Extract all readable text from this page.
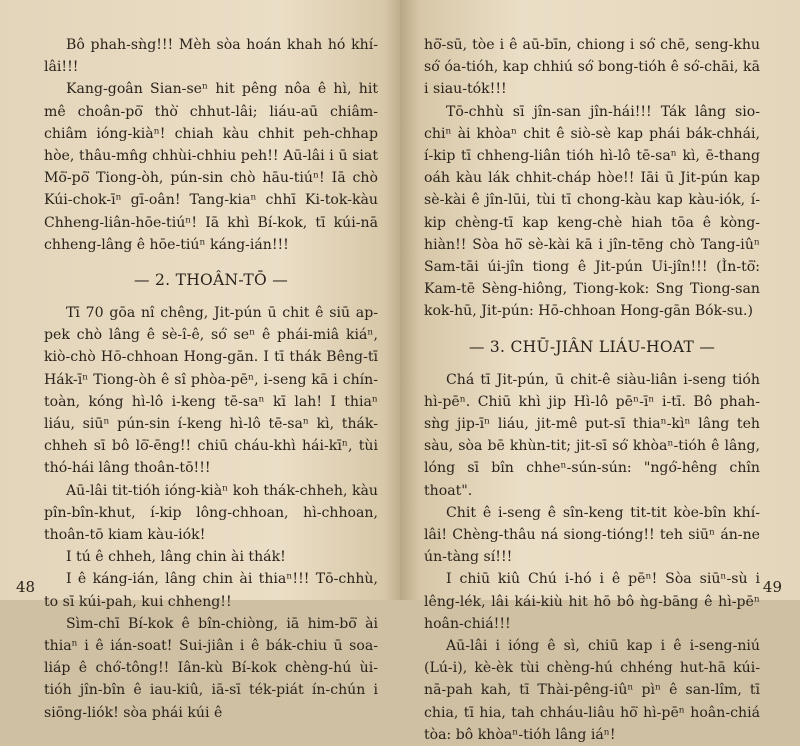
Bô phah-sǹg!!! Mèh sòa hoán khah hó khí-lâi!!!

Kang-goân Sian-seⁿ hit pêng nôa ê hì, hit mê choân-pō͘ thò͘ chhut-lâi; liáu-aū chiâm-chiâm ióng-kiàⁿ! chiah kàu chhit peh-chhap hòe, thâu-mn̂g chhùi-chhiu peh!! Aū-lâi i ū siat Mō͘-pō͘ Tiong-òh, pún-sin chò hāu-tiúⁿ! Iā chò Kúi-chok-īⁿ gī-oân! Tang-kiaⁿ chhī Ki-tok-kàu Chheng-liân-hōe-tiúⁿ! Iā khì Bí-kok, tī kúi-nā chheng-lâng ê hōe-tiúⁿ káng-ián!!!

— 2. THOÂN-TŌ —

Tī 70 gōa nî chêng, Jit-pún ū chit ê siū ap-pek chò lâng ê sè-î-ê, só͘ seⁿ ê phái-miâ kiáⁿ, kiò-chò Hō-chhoan Hong-gān. I tī thák Bêng-tī Hák-īⁿ Tiong-òh ê sî phòa-pēⁿ, i-seng kā i chín-toàn, kóng hì-lô i-keng tē-saⁿ kī lah! I thiaⁿ liáu, siūⁿ pún-sin í-keng hì-lô tē-saⁿ kì, thák-chheh sī bô lō͘-ēng!! chiū cháu-khì hái-kīⁿ, tùi thó-hái lâng thoân-tō!!!

Aū-lâi tit-tióh ióng-kiàⁿ koh thák-chheh, kàu pîn-bîn-khut, í-kip lông-chhoan, hì-chhoan, thoân-tō kiam kàu-iók!

I tú ê chheh, lâng chin ài thák!

I ê káng-ián, lâng chin ài thiaⁿ!!! Tō-chhù, to sī kúi-pah, kui chheng!!

Sìm-chī Bí-kok ê bîn-chiòng, iā him-bō͘ ài thiaⁿ i ê ián-soat! Sui-jiân i ê bák-chiu ū soa-liáp ê chó͘-tông!! Iân-kù Bí-kok chèng-hú ùi-tióh jîn-bîn ê iau-kiû, iā-sī ték-piát ín-chún i siōng-liók! sòa phái kúi ê

48

hō͘-sū, tòe i ê aū-bīn, chiong i só͘ chē, seng-khu só͘ óa-tióh, kap chhiú só͘ bong-tióh ê só͘-chāi, kā i siau-tók!!!

Tō-chhù sī jîn-san jîn-hái!!! Ták lâng sio-chiⁿ ài khòaⁿ chit ê siò-sè kap phái bák-chhái, í-kip tī chheng-liân tióh hì-lô tē-saⁿ kì, ē-thang oáh kàu lák chhit-cháp hòe!! Iāi ū Jit-pún kap sè-kài ê jîn-lūi, tùi tī chong-kàu kap kàu-iók, í-kip chèng-tī kap keng-chè hiah tōa ê kòng-hiàn!! Sòa hō͘ sè-kài kā i jîn-tēng chò Tang-iûⁿ Sam-tāi úi-jîn tiong ê Jit-pún Ui-jîn!!! (Ìn-tō͘: Kam-tē Sèng-hiông, Tiong-kok: Sng Tiong-san kok-hū, Jit-pún: Hō-chhoan Hong-gān Bók-su.)

— 3. CHŪ-JIÂN LIÁU-HOAT —

Chá tī Jit-pún, ū chit-ê siàu-liân i-seng tióh hì-pēⁿ. Chiū khì jip Hì-lô pēⁿ-īⁿ i-tī. Bô phah-sǹg jip-īⁿ liáu, jit-mê put-sī thiaⁿ-kìⁿ lâng teh sàu, sòa bē khùn-tit; jit-sī só͘ khòaⁿ-tióh ê lâng, lóng sī bîn chheⁿ-sún-sún: "ngó͘-hêng chîn thoat".

Chit ê i-seng ê sîn-keng tit-tit kòe-bîn khí-lâi! Chèng-thâu ná siong-tióng!! teh siūⁿ án-ne ún-tàng sí!!!

I chiū kiû Chú i-hó i ê pēⁿ! Sòa siūⁿ-sù i lêng-lék, lâi kái-kiù hit hō bô ǹg-bāng ê hì-pēⁿ hoân-chiá!!!

Aū-lâi i ióng ê sì, chiū kap i ê i-seng-niú (Lú-i), kè-èk tùi chèng-hú chhéng hut-hā kúi-nā-pah kah, tī Thài-pêng-iûⁿ pìⁿ ê san-lîm, tī chia, tī hia, tah chháu-liâu hō͘ hì-pēⁿ hoân-chiá tòa: bô khòaⁿ-tióh lâng iáⁿ!

49
